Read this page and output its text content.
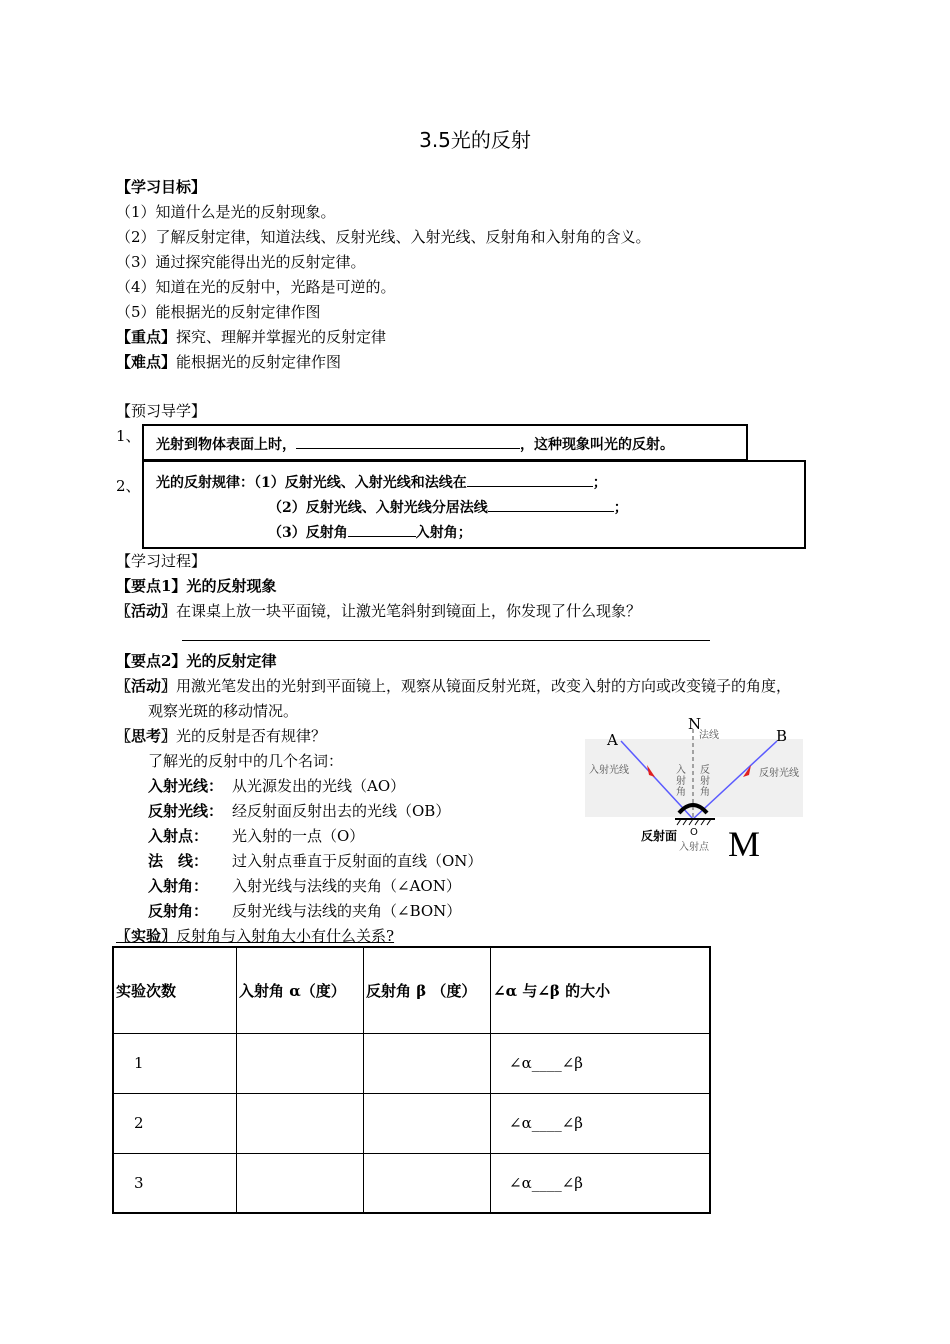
3.5光的反射
【学习目标】
（1）知道什么是光的反射现象。
（2）了解反射定律，知道法线、反射光线、入射光线、反射角和入射角的含义。
（3）通过探究能得出光的反射定律。
（4）知道在光的反射中，光路是可逆的。
（5）能根据光的反射定律作图
【重点】探究、理解并掌握光的反射定律
【难点】能根据光的反射定律作图
【预习导学】
1、 光射到物体表面上时，	，这种现象叫光的反射。
2、 光的反射规律：（1）反射光线、入射光线和法线在	；
（2）反射光线、入射光线分居法线	；
（3）反射角	入射角；
【学习过程】
【要点1】光的反射现象
〖活动〗在课桌上放一块平面镜，让激光笔斜射到镜面上，你发现了什么现象？
【要点2】光的反射定律
〖活动〗用激光笔发出的光射到平面镜上，观察从镜面反射光斑，改变入射的方向或改变镜子的角度，
观察光斑的移动情况。
〖思考〗光的反射是否有规律？
了解光的反射中的几个名词：
入射光线： 从光源发出的光线（AO）
反射光线： 经反射面反射出去的光线（OB）
入射点： 光入射的一点（O）
法　线： 过入射点垂直于反射面的直线（ON）
入射角： 入射光线与法线的夹角（∠AON）
反射角： 反射光线与法线的夹角（∠BON）
〖实验〗反射角与入射角大小有什么关系?
N
法线
A	B
入射光线	反射光线
入射角
反射角
O
反射面
入射点 M
实验次数	入射角 α（度）	反射角 β （度）	∠α 与∠β 的大小
1			∠α____∠β
2			∠α____∠β
3			∠α____∠β
